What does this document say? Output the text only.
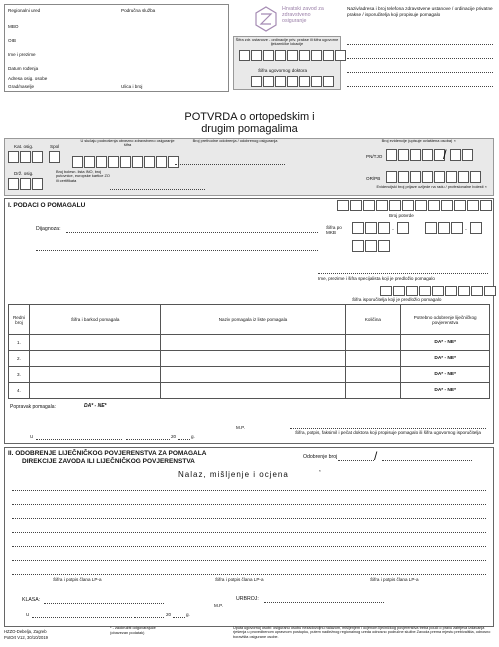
Regionalni ured	Područna služba
MBO
OIB
Ime i prezime
Datum rođenja
Adresa osig. osobe
Grad/naselje	Ulica i broj
Hrvatski zavod za zdravstveno osiguranje
Šifra zdr. ustanove - ordinacije priv. prakse ili šifra ugovorne ljekarničke lokacije
Šifra ugovornog doktora
Naziv/adresa i broj telefona zdravstvene ustanove / ordinacije privatne prakse / isporučitelja koji propisuje pomagalo
POTVRDA o ortopedskim i
drugim pomagalima
Kat. osig.	Spol
U slučaju podnošenja obvezno zdravstveno osiguranje šifra
Broj prethodne odobrenja / odobrenog osiguranja	Broj evidencije (upisuje ovlaštena osoba) *
PN/TJO	/
Drž. osig.	Broj bolesn. lista INO, broj putovnice, europske kartice ZO ili certifikata	OR/PB
Evidencijski broj prijave ozljede na radu / profesionalne bolesti *
I. PODACI O POMAGALU
Broj potvrde
Dijagnoza:	Šifra po MKB
.	.
Ime, prezime i šifra specijalista koji je predložio pomagalo
Šifra isporučitelja koji je predložio pomagalo
Redni broj	Šifra i barkod pomagala	Naziv pomagala iz liste pomagala	Količina	Potrebno odobrenje liječničkog povjerenstva
1.				DA* - NE*
2.				DA* - NE*
3.				DA* - NE*
4.				DA* - NE*
Popravak pomagala:	DA* - NE*
M.P.
U	20	g.
Šifra, potpis, faksimil i pečat doktora koji propisuje pomagalo ili šifra ugovornog isporučitelja
II. ODOBRENJE LIJEČNIČKOG POVJERENSTVA ZA POMAGALA
DIREKCIJE ZAVODA ILI LIJEČNIČKOG POVJERENSTVA
Odobrenje broj	/
Nalaz, mišljenje i ocjena	*
Šifra i potpis člana LP-a	Šifra i potpis člana LP-a	Šifra i potpis člana LP-a
KLASA:	URBROJ:
M.P.
U	20	g.
HZZO-Debelja, Zagreb
PotOrt V12, 30/10/2019
* - zaokružiti odgovarajuće (obavezan podatak)
Uputa ugovornoj osobi: osiguranu osobu nezadovoljnu nalazom, mišljenjem i ocjenom liječničkog povjerenstva treba pouči o pravu zahtjeva izdavanja rješenja u provedbenom upravnom postupku, putem nadležnog regionalnog ureda odnosno područne službe Zavoda prema mjestu prebivališta, odnosno boravišta osigurane osobe.
